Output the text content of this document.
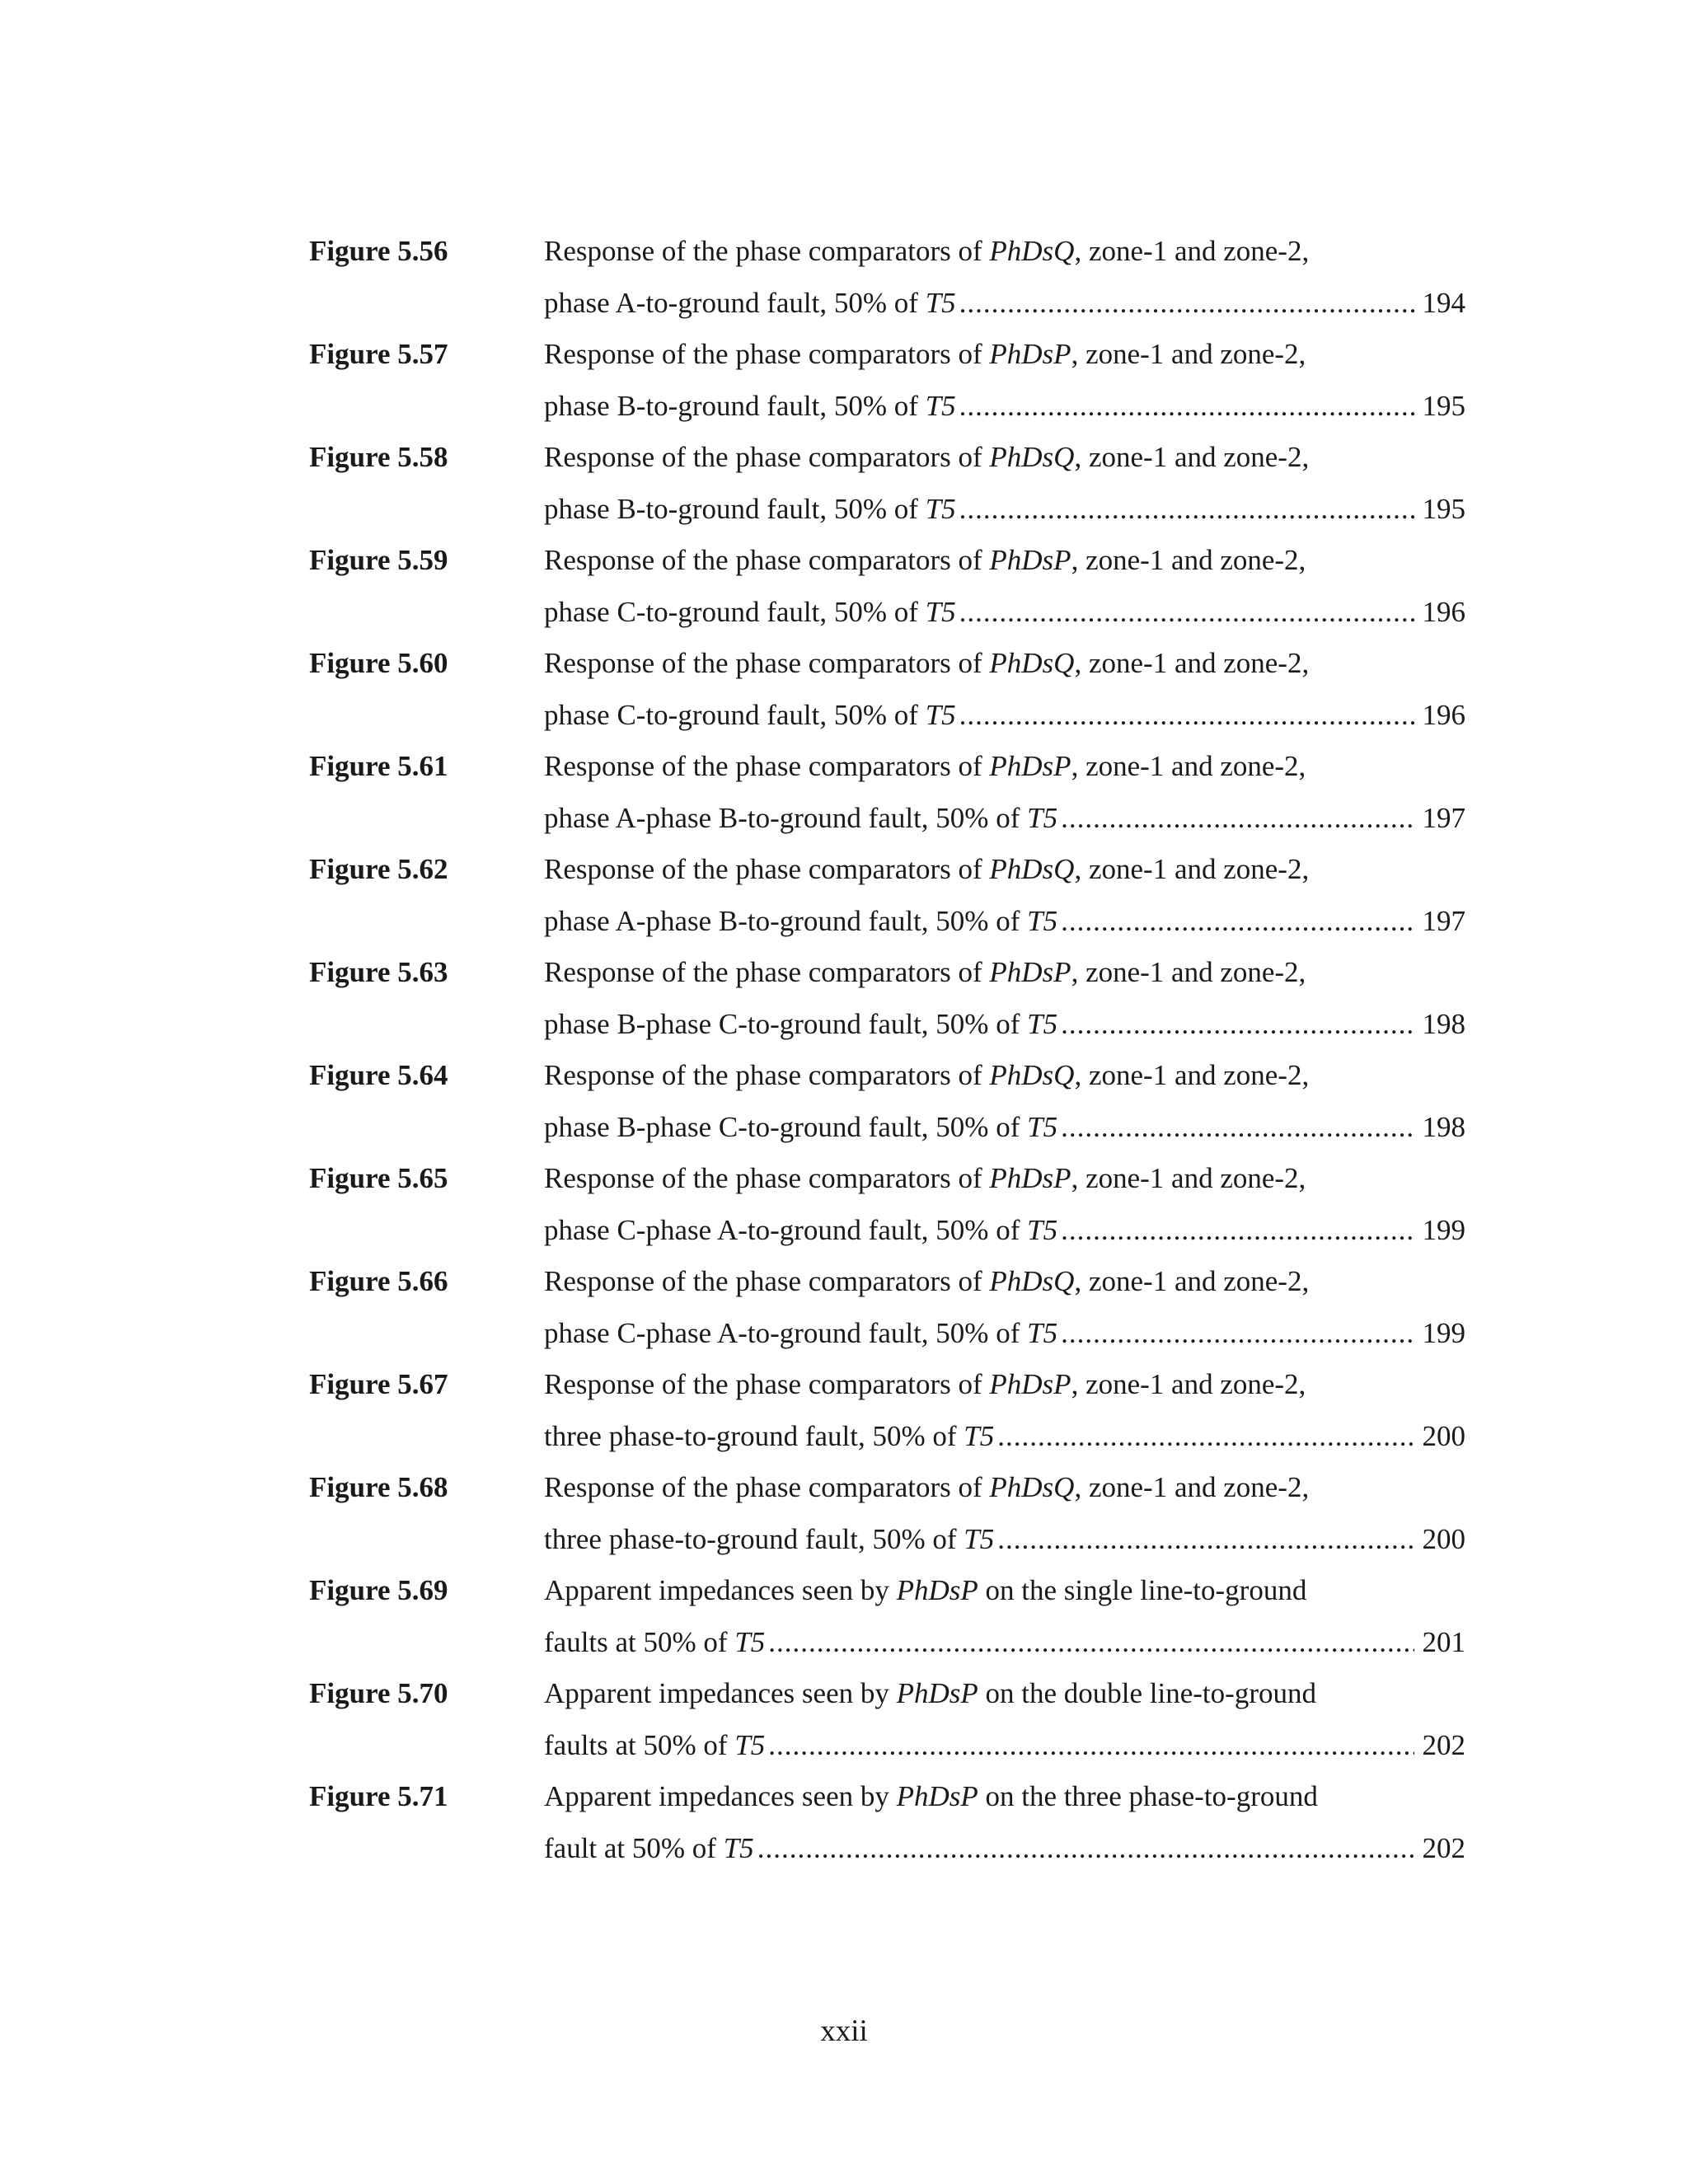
Figure 5.56	Response of the phase comparators of PhDsQ, zone-1 and zone-2,
phase A-to-ground fault, 50% of T5 .....	194
Figure 5.57	Response of the phase comparators of PhDsP, zone-1 and zone-2,
phase B-to-ground fault, 50% of T5 .....	195
Figure 5.58	Response of the phase comparators of PhDsQ, zone-1 and zone-2,
phase B-to-ground fault, 50% of T5 .....	195
Figure 5.59	Response of the phase comparators of PhDsP, zone-1 and zone-2,
phase C-to-ground fault, 50% of T5 .....	196
Figure 5.60	Response of the phase comparators of PhDsQ, zone-1 and zone-2,
phase C-to-ground fault, 50% of T5 .....	196
Figure 5.61	Response of the phase comparators of PhDsP, zone-1 and zone-2,
phase A-phase B-to-ground fault, 50% of T5 .....	197
Figure 5.62	Response of the phase comparators of PhDsQ, zone-1 and zone-2,
phase A-phase B-to-ground fault, 50% of T5 .....	197
Figure 5.63	Response of the phase comparators of PhDsP, zone-1 and zone-2,
phase B-phase C-to-ground fault, 50% of T5 .....	198
Figure 5.64	Response of the phase comparators of PhDsQ, zone-1 and zone-2,
phase B-phase C-to-ground fault, 50% of T5 .....	198
Figure 5.65	Response of the phase comparators of PhDsP, zone-1 and zone-2,
phase C-phase A-to-ground fault, 50% of T5 .....	199
Figure 5.66	Response of the phase comparators of PhDsQ, zone-1 and zone-2,
phase C-phase A-to-ground fault, 50% of T5 .....	199
Figure 5.67	Response of the phase comparators of PhDsP, zone-1 and zone-2,
three phase-to-ground fault, 50% of T5 .....	200
Figure 5.68	Response of the phase comparators of PhDsQ, zone-1 and zone-2,
three phase-to-ground fault, 50% of T5 .....	200
Figure 5.69	Apparent impedances seen by PhDsP on the single line-to-ground
faults at 50% of T5 .....	201
Figure 5.70	Apparent impedances seen by PhDsP on the double line-to-ground
faults at 50% of T5 .....	202
Figure 5.71	Apparent impedances seen by PhDsP on the three phase-to-ground
fault at 50% of T5 .....	202
xxii
